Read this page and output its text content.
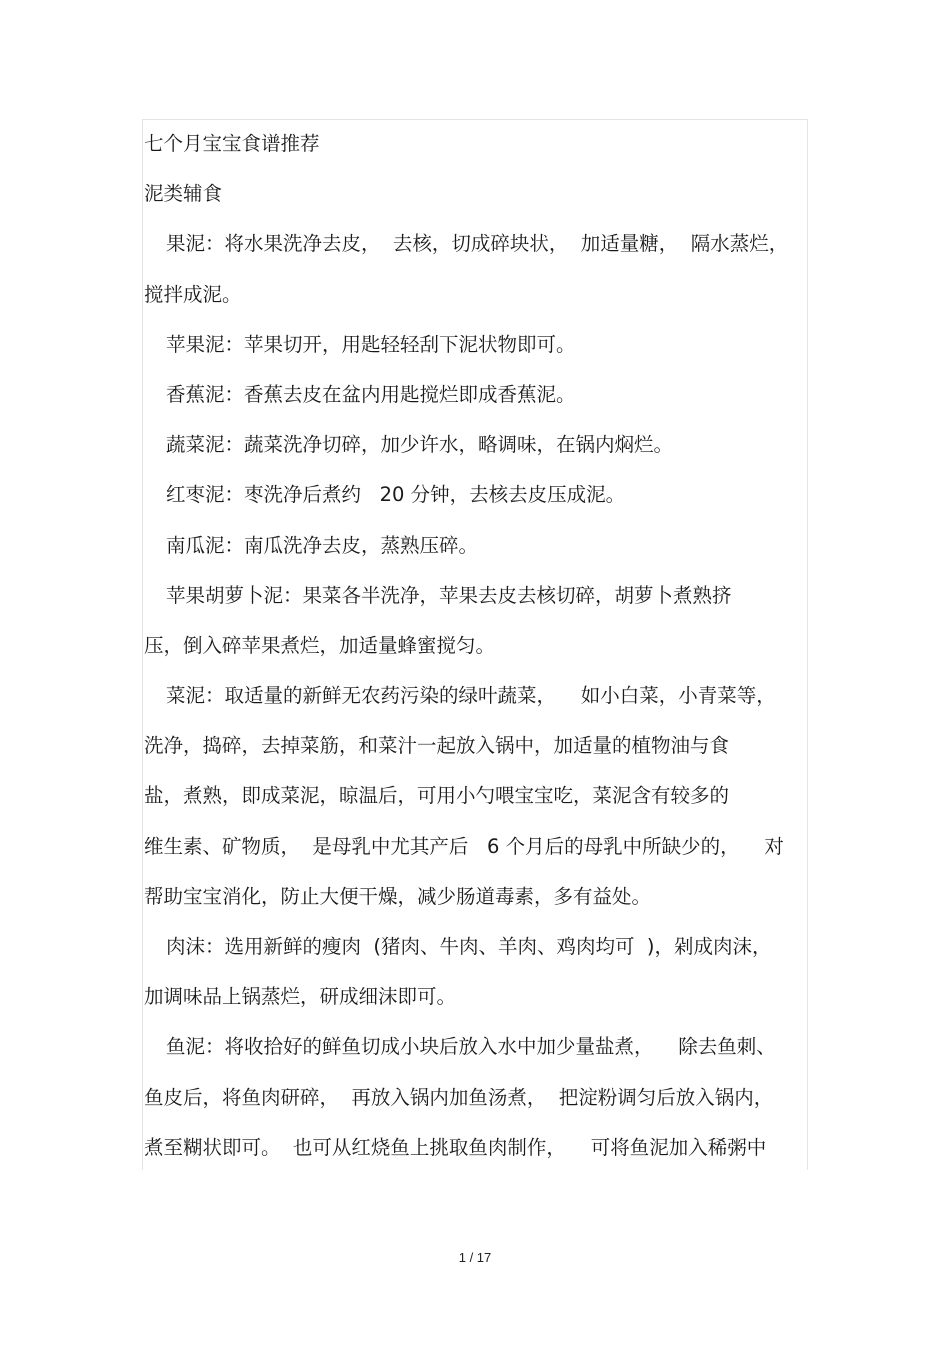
七个月宝宝食谱推荐
泥类辅食
果泥：将水果洗净去皮，  去核，切成碎块状，  加适量糖，  隔水蒸烂，
搅拌成泥。
苹果泥：苹果切开，用匙轻轻刮下泥状物即可。
香蕉泥：香蕉去皮在盆内用匙搅烂即成香蕉泥。
蔬菜泥：蔬菜洗净切碎，加少许水，略调味，在锅内焖烂。
红枣泥：枣洗净后煮约   20 分钟，去核去皮压成泥。
南瓜泥：南瓜洗净去皮，蒸熟压碎。
苹果胡萝卜泥：果菜各半洗净，苹果去皮去核切碎，胡萝卜煮熟挤
压，倒入碎苹果煮烂，加适量蜂蜜搅匀。
菜泥：取适量的新鲜无农药污染的绿叶蔬菜，    如小白菜，小青菜等，
洗净，捣碎，去掉菜筋，和菜汁一起放入锅中，加适量的植物油与食
盐，煮熟，即成菜泥，晾温后，可用小勺喂宝宝吃，菜泥含有较多的
维生素、矿物质，  是母乳中尤其产后   6 个月后的母乳中所缺少的，    对
帮助宝宝消化，防止大便干燥，减少肠道毒素，多有益处。
肉沫：选用新鲜的瘦肉  (猪肉、牛肉、羊肉、鸡肉均可  )，剁成肉沫，
加调味品上锅蒸烂，研成细沫即可。
鱼泥：将收拾好的鲜鱼切成小块后放入水中加少量盐煮，    除去鱼刺、
鱼皮后，将鱼肉研碎，  再放入锅内加鱼汤煮，  把淀粉调匀后放入锅内，
煮至糊状即可。  也可从红烧鱼上挑取鱼肉制作，    可将鱼泥加入稀粥中
1 / 17
